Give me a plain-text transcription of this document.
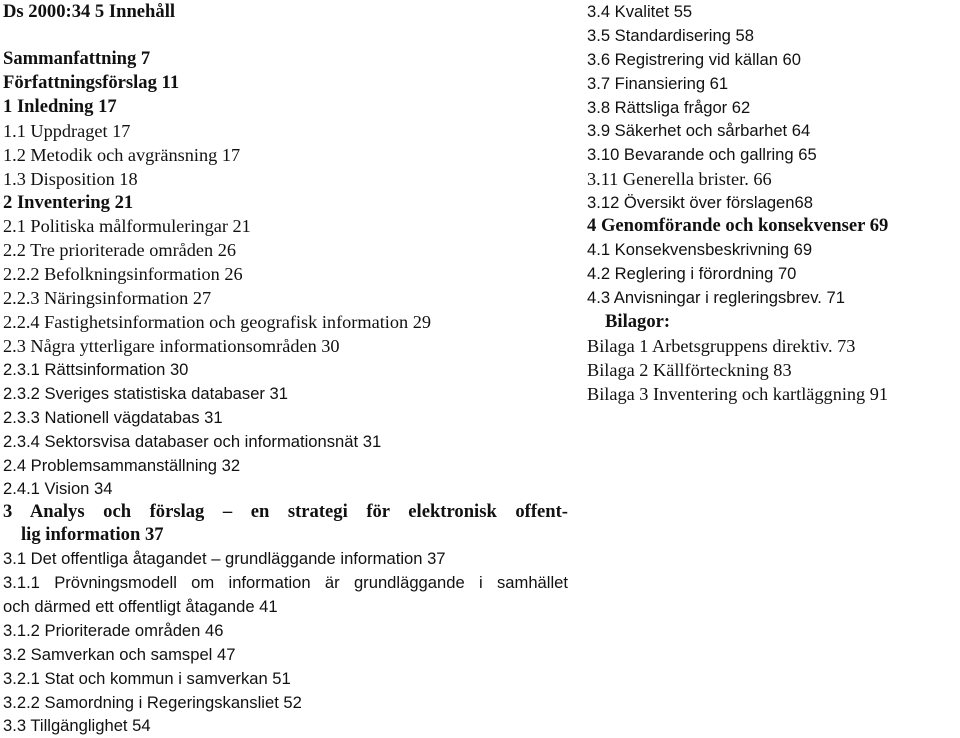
Ds 2000:34 5 Innehåll
Sammanfattning 7
Författningsförslag 11
1 Inledning 17
1.1 Uppdraget 17
1.2 Metodik och avgränsning 17
1.3 Disposition 18
2 Inventering 21
2.1 Politiska målformuleringar 21
2.2 Tre prioriterade områden 26
2.2.2 Befolkningsinformation 26
2.2.3 Näringsinformation 27
2.2.4 Fastighetsinformation och geografisk information 29
2.3 Några ytterligare informationsområden 30
2.3.1 Rättsinformation 30
2.3.2 Sveriges statistiska databaser 31
2.3.3 Nationell vägdatabas 31
2.3.4 Sektorsvisa databaser och informationsnät 31
2.4 Problemsammanställning 32
2.4.1 Vision 34
3 Analys och förslag – en strategi för elektronisk offent-
lig information 37
3.1 Det offentliga åtagandet – grundläggande information 37
3.1.1 Prövningsmodell om information är grundläggande i samhället
och därmed ett offentligt åtagande 41
3.1.2 Prioriterade områden 46
3.2 Samverkan och samspel 47
3.2.1 Stat och kommun i samverkan 51
3.2.2 Samordning i Regeringskansliet 52
3.3 Tillgänglighet 54
3.4 Kvalitet 55
3.5 Standardisering 58
3.6 Registrering vid källan 60
3.7 Finansiering 61
3.8 Rättsliga frågor 62
3.9 Säkerhet och sårbarhet 64
3.10 Bevarande och gallring 65
3.11 Generella brister. 66
3.12 Översikt över förslagen68
4 Genomförande och konsekvenser 69
4.1 Konsekvensbeskrivning 69
4.2 Reglering i förordning 70
4.3 Anvisningar i regleringsbrev. 71
Bilagor:
Bilaga 1 Arbetsgruppens direktiv. 73
Bilaga 2 Källförteckning 83
Bilaga 3 Inventering och kartläggning 91
